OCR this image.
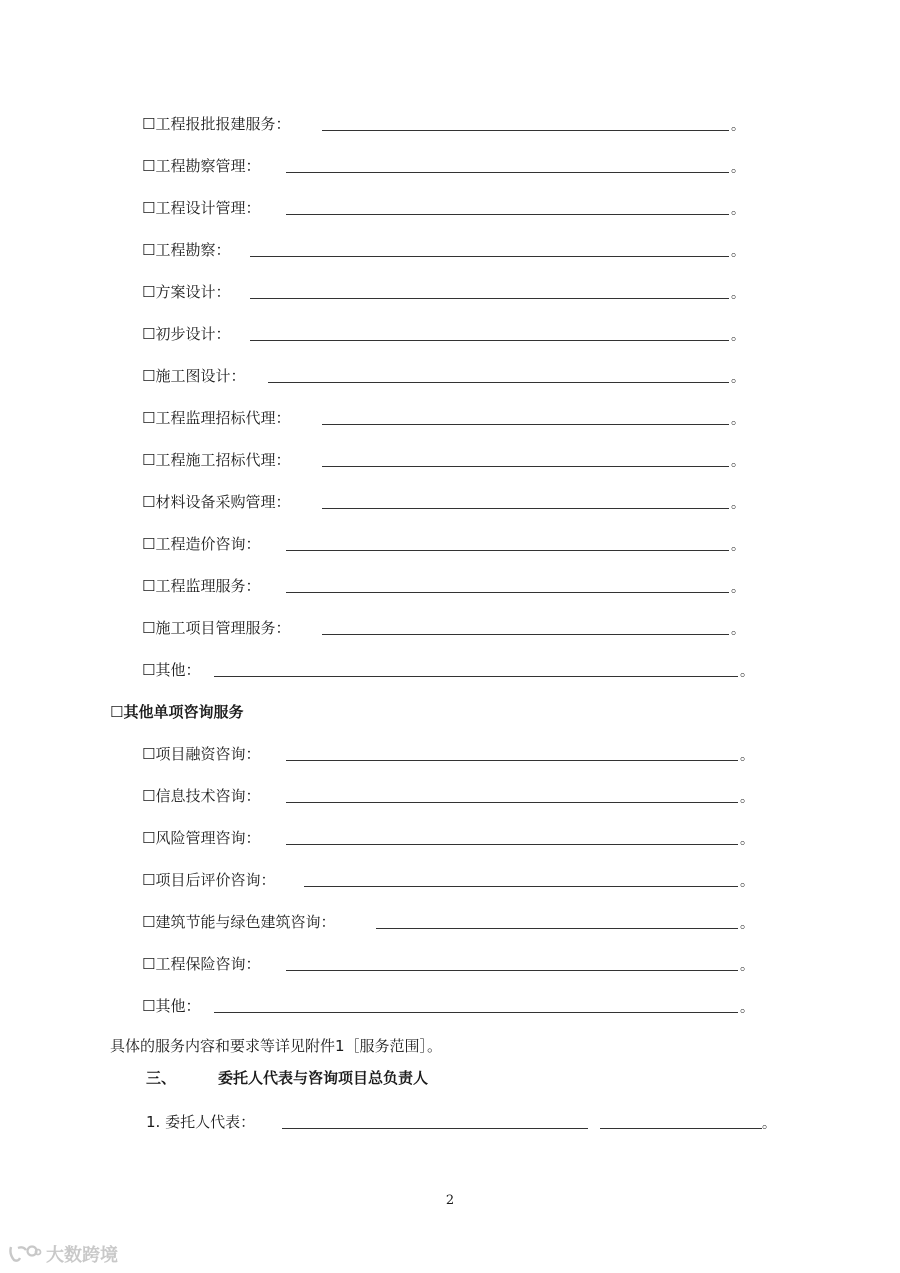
☐工程报批报建服务：	。
☐工程勘察管理：	。
☐工程设计管理：	。
☐工程勘察：	。
☐方案设计：	。
☐初步设计：	。
☐施工图设计：	。
☐工程监理招标代理：	。
☐工程施工招标代理：	。
☐材料设备采购管理：	。
☐工程造价咨询：	。
☐工程监理服务：	。
☐施工项目管理服务：	。
☐其他：	。
☐其他单项咨询服务
☐项目融资咨询：	。
☐信息技术咨询：	。
☐风险管理咨询：	。
☐项目后评价咨询：	。
☐建筑节能与绿色建筑咨询：	。
☐工程保险咨询：	。
☐其他：	。
具体的服务内容和要求等详见附件1［服务范围］。
三、	委托人代表与咨询项目总负责人
1. 委托人代表：	。
2
大数跨境
